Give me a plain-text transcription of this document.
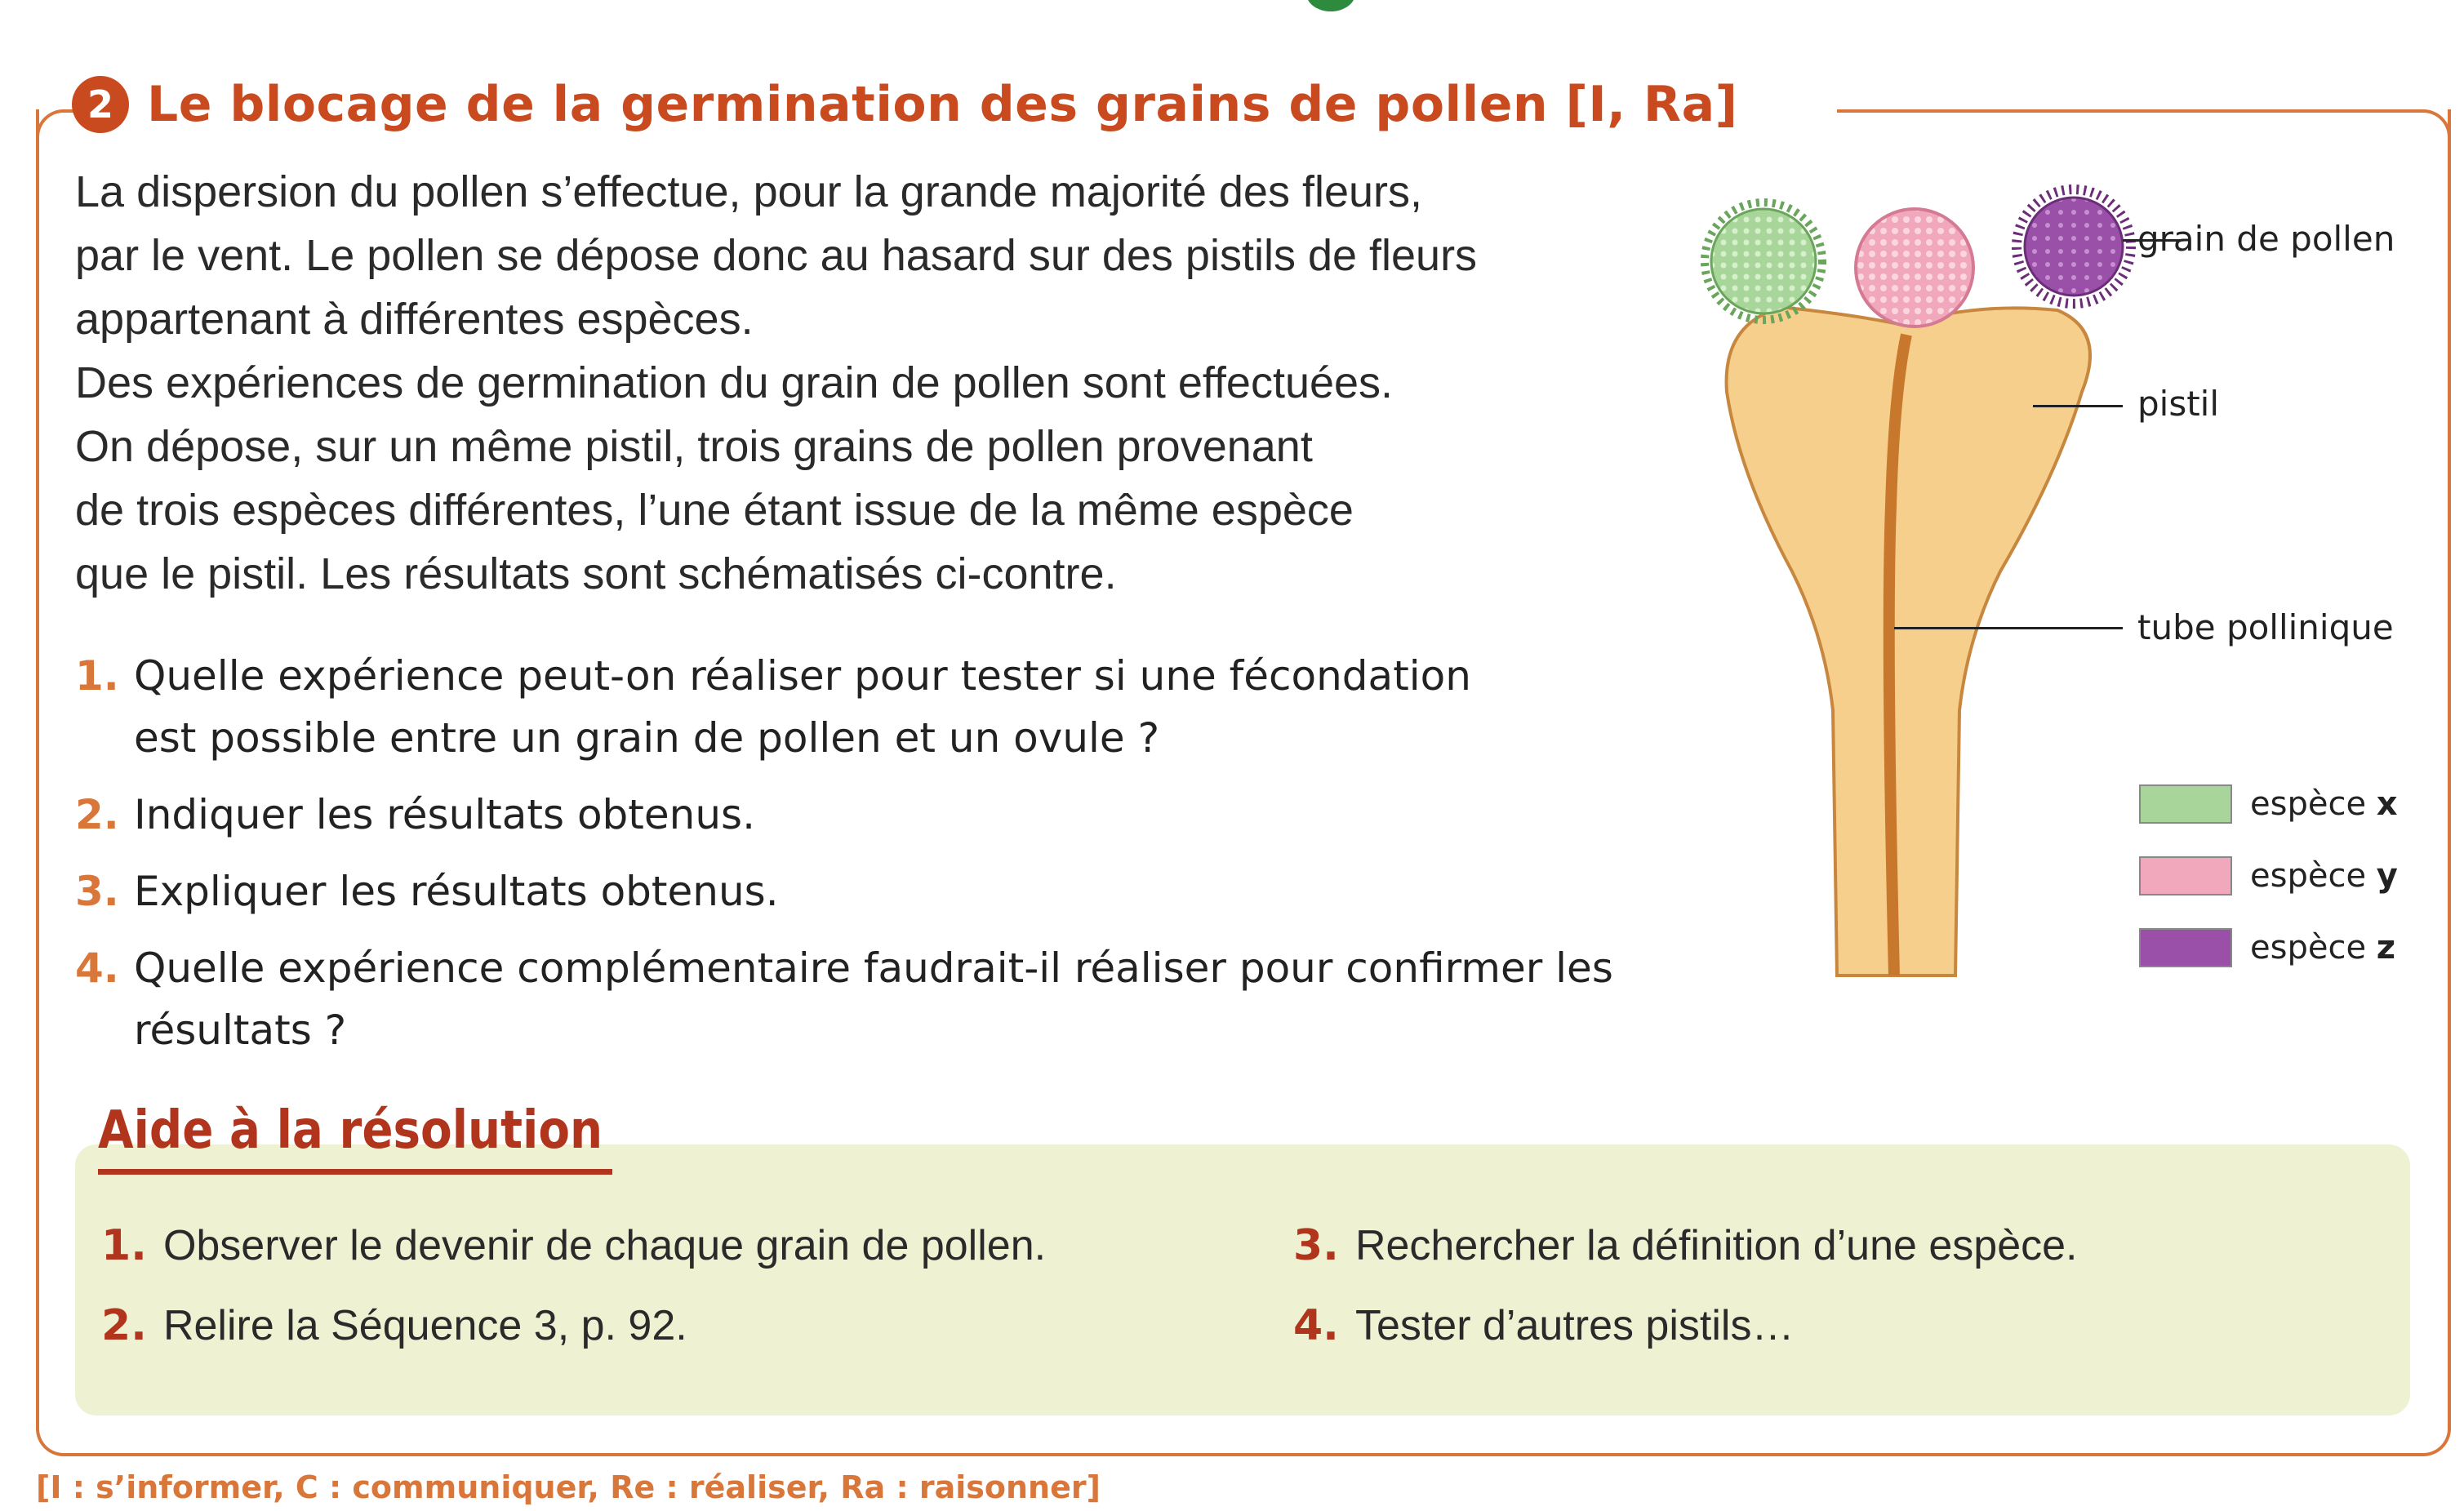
2 Le blocage de la germination des grains de pollen [I, Ra]

La dispersion du pollen s’effectue, pour la grande majorité des fleurs,

par le vent. Le pollen se dépose donc au hasard sur des pistils de fleurs

appartenant à différentes espèces.

Des expériences de germination du grain de pollen sont effectuées.

On dépose, sur un même pistil, trois grains de pollen provenant

de trois espèces différentes, l’une étant issue de la même espèce

que le pistil. Les résultats sont schématisés ci-contre.

1. Quelle expérience peut-on réaliser pour tester si une fécondation
est possible entre un grain de pollen et un ovule ?
2. Indiquer les résultats obtenus.
3. Expliquer les résultats obtenus.
4. Quelle expérience complémentaire faudrait-il réaliser pour confirmer les résultats ?
grain de pollen
pistil
tube pollinique
espèce x
espèce y
espèce z
Aide à la résolution
1. Observer le devenir de chaque grain de pollen.
2. Relire la Séquence 3, p. 92.
3. Rechercher la définition d’une espèce.
4. Tester d’autres pistils…
[I : s’informer, C : communiquer, Re : réaliser, Ra : raisonner]
